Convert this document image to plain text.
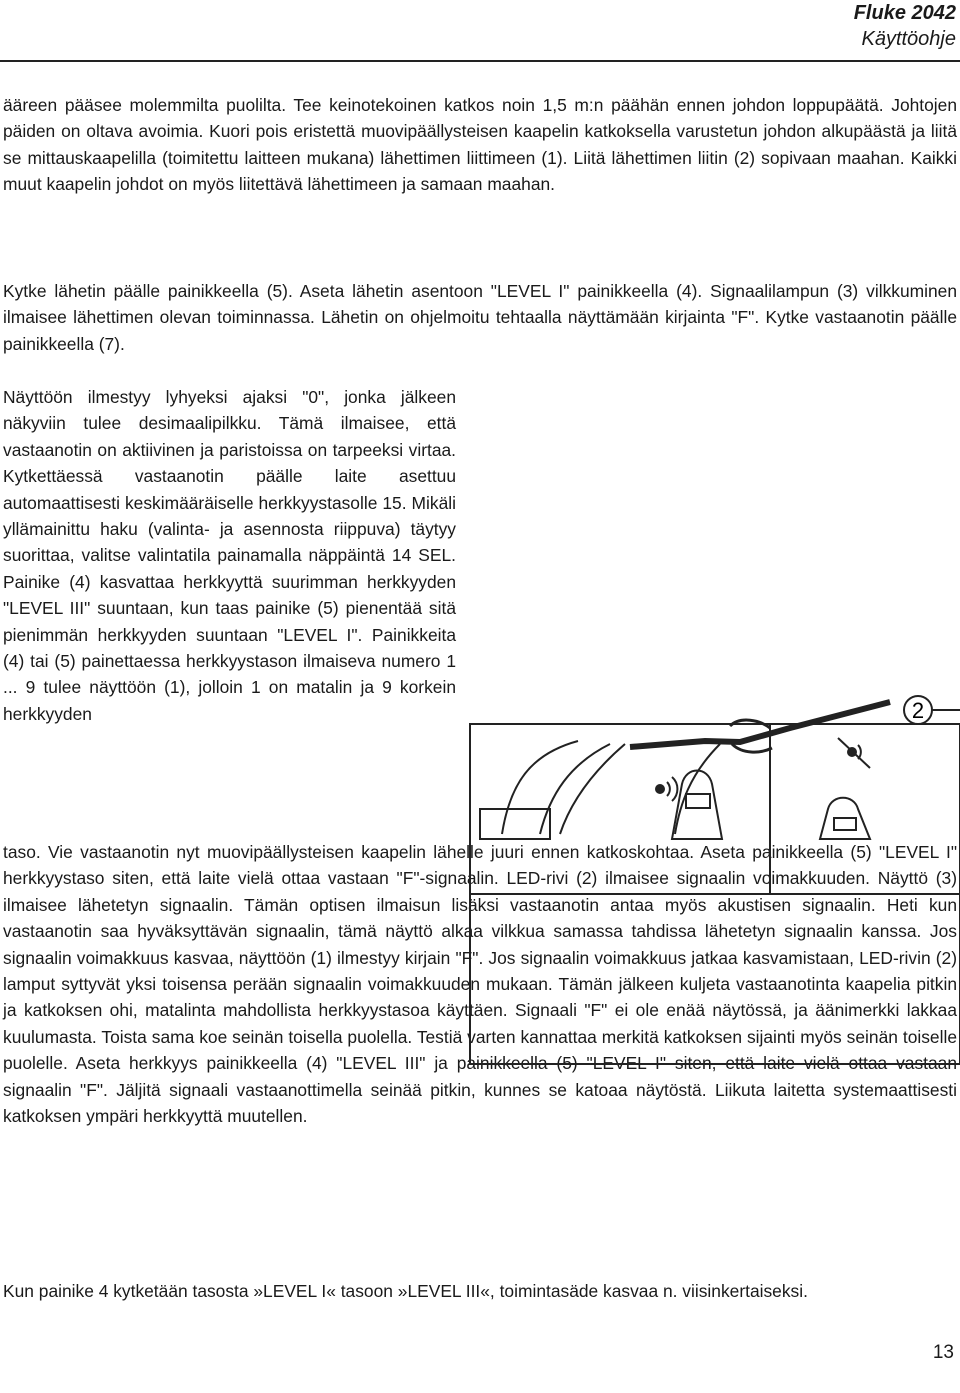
Fluke 2042
Käyttöohje

ääreen pääsee molemmilta puolilta. Tee keinotekoinen katkos noin 1,5 m:n päähän ennen johdon loppupäätä. Johtojen päiden on oltava avoimia. Kuori pois eristettä muovipäällysteisen kaapelin katkoksella varustetun johdon alkupäästä ja liitä se mittauskaapelilla (toimitettu laitteen mukana) lähettimen liittimeen (1). Liitä lähettimen liitin (2) sopivaan maahan. Kaikki muut kaapelin johdot on myös liitettävä lähettimeen ja samaan maahan.

Kytke lähetin päälle painikkeella (5). Aseta lähetin asentoon "LEVEL I" painikkeella (4). Signaalilampun (3) vilkkuminen ilmaisee lähettimen olevan toiminnassa. Lähetin on ohjelmoitu tehtaalla näyttämään kirjainta "F". Kytke vastaanotin päälle painikkeella (7).

Näyttöön ilmestyy lyhyeksi ajaksi "0", jonka jälkeen näkyviin tulee desimaalipilkku. Tämä ilmaisee, että vastaanotin on aktiivinen ja paristoissa on tarpeeksi virtaa. Kytkettäessä vastaanotin päälle laite asettuu automaattisesti keskimääräiselle herkkyystasolle 15. Mikäli yllämainittu haku (valinta- ja asennosta riippuva) täytyy suorittaa, valitse valintatila painamalla näppäintä 14 SEL. Painike (4) kasvattaa herkkyyttä suurimman herkkyyden "LEVEL III" suuntaan, kun taas painike (5) pienentää sitä pienimmän herkkyyden suuntaan "LEVEL I". Painikkeita (4) tai (5) painettaessa herkkyystason ilmaiseva numero 1 ... 9 tulee näyttöön (1), jolloin 1 on matalin ja 9 korkein herkkyyden

taso. Vie vastaanotin nyt muovipäällysteisen kaapelin lähelle juuri ennen katkoskohtaa. Aseta painikkeella (5) "LEVEL I" herkkyystaso siten, että laite vielä ottaa vastaan "F"-signaalin. LED-rivi (2) ilmaisee signaalin voimakkuuden. Näyttö (3) ilmaisee lähetetyn signaalin. Tämän optisen ilmaisun lisäksi vastaanotin antaa myös akustisen signaalin. Heti kun vastaanotin saa hyväksyttävän signaalin, tämä näyttö alkaa vilkkua samassa tahdissa lähetetyn signaalin kanssa. Jos signaalin voimakkuus kasvaa, näyttöön (1) ilmestyy kirjain "F". Jos signaalin voimakkuus jatkaa kasvamistaan, LED-rivin (2) lamput syttyvät yksi toisensa perään signaalin voimakkuuden mukaan. Tämän jälkeen kuljeta vastaanotinta kaapelia pitkin ja katkoksen ohi, matalinta mahdollista herkkyystasoa käyttäen. Signaali "F" ei ole enää näytössä, ja äänimerkki lakkaa kuulumasta. Toista sama koe seinän toisella puolella. Testiä varten kannattaa merkitä katkoksen sijainti myös seinän toiselle puolelle. Aseta herkkyys painikkeella (4) "LEVEL III" ja painikkeella (5) "LEVEL I" siten, että laite vielä ottaa vastaan signaalin "F". Jäljitä signaali vastaanottimella seinää pitkin, kunnes se katoaa näytöstä. Liikuta laitetta systemaattisesti katkoksen ympäri herkkyyttä muutellen.

Kun painike 4 kytketään tasosta »LEVEL I« tasoon »LEVEL III«, toimintasäde kasvaa n. viisinkertaiseksi.

2
13
